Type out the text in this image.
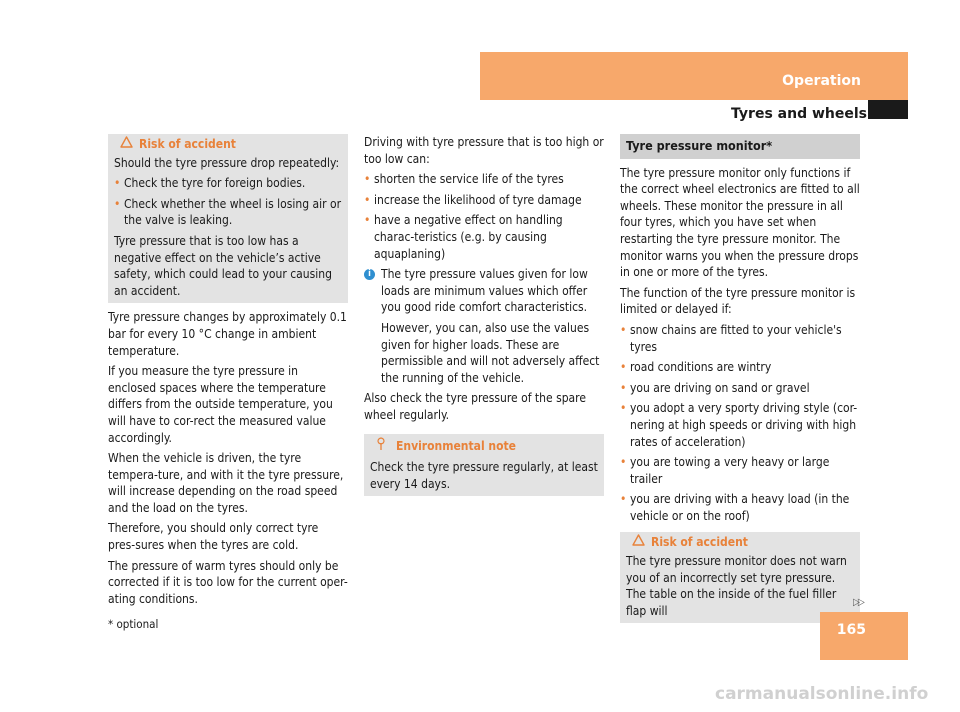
Operation
Tyres and wheels
Risk of accident

Should the tyre pressure drop repeatedly:

• Check the tyre for foreign bodies.
• Check whether the wheel is losing air or the valve is leaking.

Tyre pressure that is too low has a negative effect on the vehicle’s active safety, which could lead to your causing an accident.

Tyre pressure changes by approximately 0.1 bar for every 10 °C change in ambient temperature.

If you measure the tyre pressure in enclosed spaces where the temperature differs from the outside temperature, you will have to cor-rect the measured value accordingly.

When the vehicle is driven, the tyre tempera-ture, and with it the tyre pressure, will increase depending on the road speed and the load on the tyres.

Therefore, you should only correct tyre pres-sures when the tyres are cold.

The pressure of warm tyres should only be corrected if it is too low for the current oper-ating conditions.

Driving with tyre pressure that is too high or too low can:

• shorten the service life of the tyres
• increase the likelihood of tyre damage
• have a negative effect on handling charac-teristics (e.g. by causing aquaplaning)
i The tyre pressure values given for low loads are minimum values which offer you good ride comfort characteristics.

However, you can, also use the values given for higher loads. These are permissible and will not adversely affect the running of the vehicle.

Also check the tyre pressure of the spare wheel regularly.

Environmental note

Check the tyre pressure regularly, at least every 14 days.

Tyre pressure monitor*

The tyre pressure monitor only functions if the correct wheel electronics are fitted to all wheels. These monitor the pressure in all four tyres, which you have set when restarting the tyre pressure monitor. The monitor warns you when the pressure drops in one or more of the tyres.

The function of the tyre pressure monitor is limited or delayed if:

• snow chains are fitted to your vehicle's tyres
• road conditions are wintry
• you are driving on sand or gravel
• you adopt a very sporty driving style (cor-nering at high speeds or driving with high rates of acceleration)
• you are towing a very heavy or large trailer
• you are driving with a heavy load (in the vehicle or on the roof)
Risk of accident

The tyre pressure monitor does not warn you of an incorrectly set tyre pressure. The table on the inside of the fuel filler flap will

▷▷
* optional	165
carmanualsonline.info
